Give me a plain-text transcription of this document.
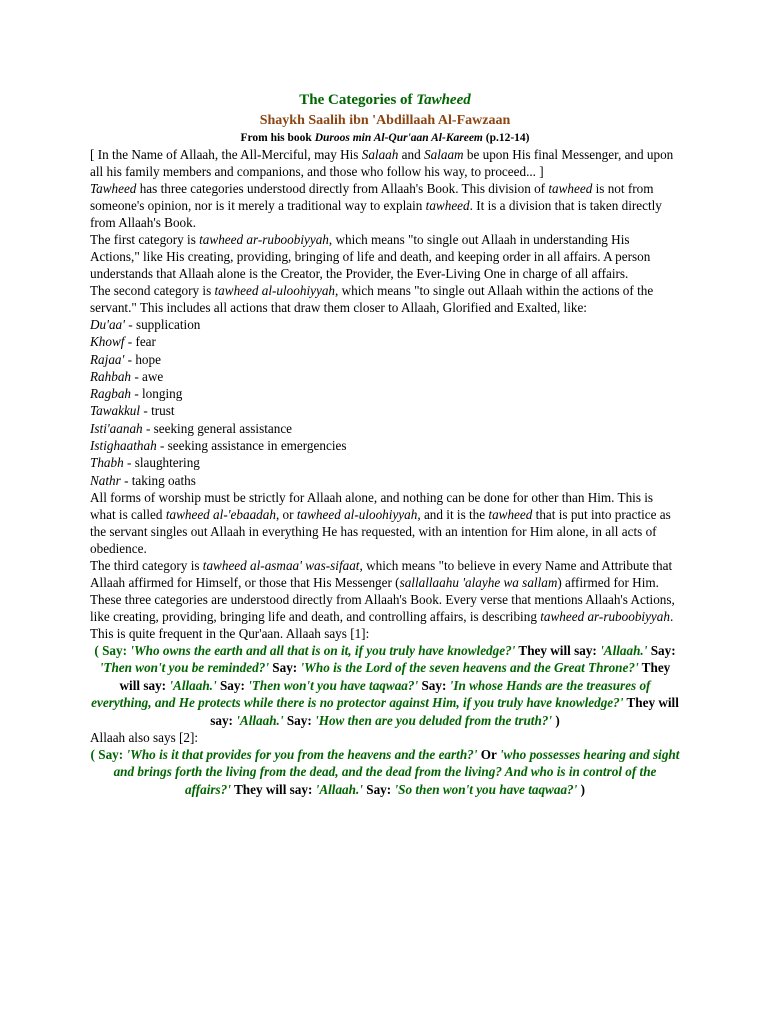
The Categories of Tawheed
Shaykh Saalih ibn 'Abdillaah Al-Fawzaan
From his book Duroos min Al-Qur'aan Al-Kareem (p.12-14)

[ In the Name of Allaah, the All-Merciful, may His Salaah and Salaam be upon His final Messenger, and upon all his family members and companions, and those who follow his way, to proceed... ]

Tawheed has three categories understood directly from Allaah's Book. This division of tawheed is not from someone's opinion, nor is it merely a traditional way to explain tawheed. It is a division that is taken directly from Allaah's Book.

The first category is tawheed ar-ruboobiyyah, which means "to single out Allaah in understanding His Actions," like His creating, providing, bringing of life and death, and keeping order in all affairs. A person understands that Allaah alone is the Creator, the Provider, the Ever-Living One in charge of all affairs.

The second category is tawheed al-uloohiyyah, which means "to single out Allaah within the actions of the servant." This includes all actions that draw them closer to Allaah, Glorified and Exalted, like:

Du'aa' - supplication

Khowf - fear

Rajaa' - hope

Rahbah - awe

Ragbah - longing

Tawakkul - trust

Isti'aanah - seeking general assistance

Istighaathah - seeking assistance in emergencies

Thabh - slaughtering

Nathr - taking oaths

All forms of worship must be strictly for Allaah alone, and nothing can be done for other than Him. This is what is called tawheed al-'ebaadah, or tawheed al-uloohiyyah, and it is the tawheed that is put into practice as the servant singles out Allaah in everything He has requested, with an intention for Him alone, in all acts of obedience.

The third category is tawheed al-asmaa' was-sifaat, which means "to believe in every Name and Attribute that Allaah affirmed for Himself, or those that His Messenger (sallallaahu 'alayhe wa sallam) affirmed for Him.

These three categories are understood directly from Allaah's Book. Every verse that mentions Allaah's Actions, like creating, providing, bringing life and death, and controlling affairs, is describing tawheed ar-ruboobiyyah. This is quite frequent in the Qur'aan. Allaah says [1]:

( Say: 'Who owns the earth and all that is on it, if you truly have knowledge?' They will say: 'Allaah.' Say: 'Then won't you be reminded?' Say: 'Who is the Lord of the seven heavens and the Great Throne?' They will say: 'Allaah.' Say: 'Then won't you have taqwaa?' Say: 'In whose Hands are the treasures of everything, and He protects while there is no protector against Him, if you truly have knowledge?' They will say: 'Allaah.' Say: 'How then are you deluded from the truth?' )

Allaah also says [2]:

( Say: 'Who is it that provides for you from the heavens and the earth?' Or 'who possesses hearing and sight and brings forth the living from the dead, and the dead from the living? And who is in control of the affairs?' They will say: 'Allaah.' Say: 'So then won't you have taqwaa?' )
